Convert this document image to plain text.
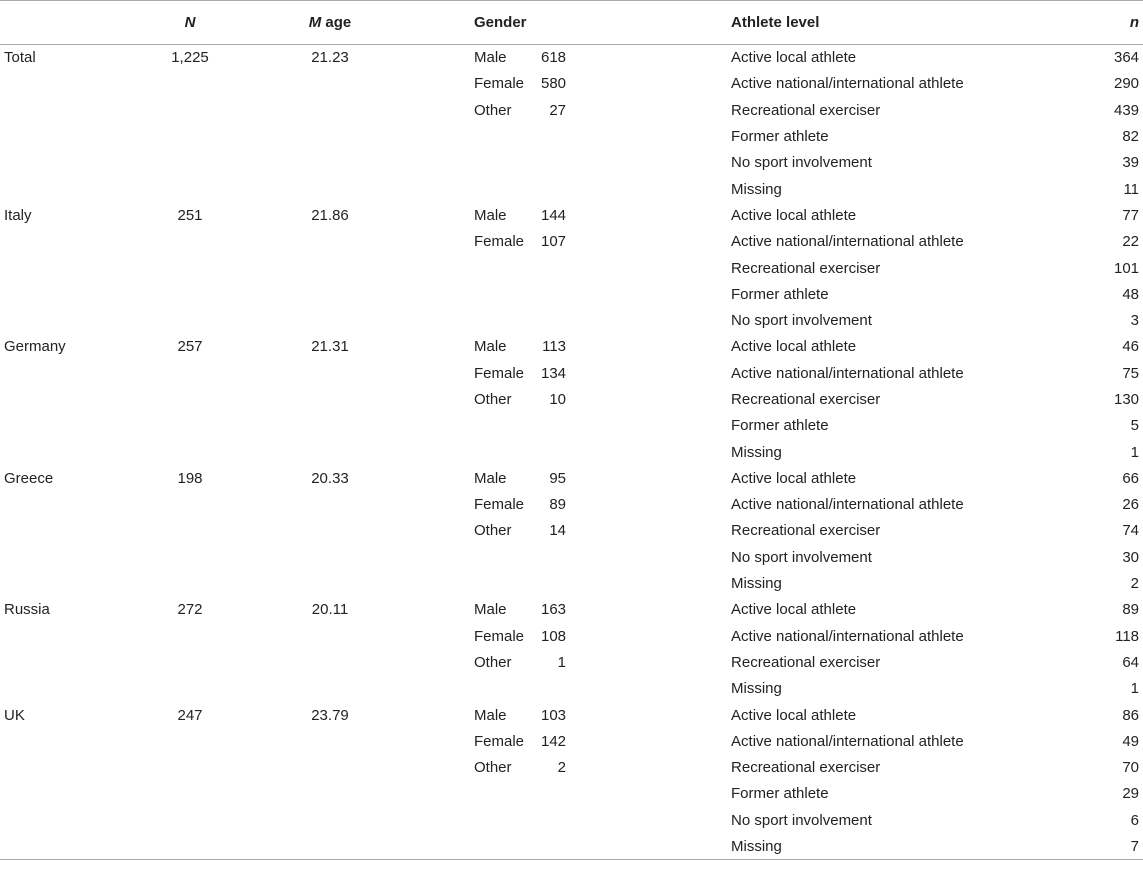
	N	M age	Gender			Athlete level	n
Total	1,225	21.23	Male	618		Active local athlete	364
			Female	580		Active national/international athlete	290
			Other	27		Recreational exerciser	439
						Former athlete	82
						No sport involvement	39
						Missing	11
Italy	251	21.86	Male	144		Active local athlete	77
			Female	107		Active national/international athlete	22
						Recreational exerciser	101
						Former athlete	48
						No sport involvement	3
Germany	257	21.31	Male	113		Active local athlete	46
			Female	134		Active national/international athlete	75
			Other	10		Recreational exerciser	130
						Former athlete	5
						Missing	1
Greece	198	20.33	Male	95		Active local athlete	66
			Female	89		Active national/international athlete	26
			Other	14		Recreational exerciser	74
						No sport involvement	30
						Missing	2
Russia	272	20.11	Male	163		Active local athlete	89
			Female	108		Active national/international athlete	118
			Other	1		Recreational exerciser	64
						Missing	1
UK	247	23.79	Male	103		Active local athlete	86
			Female	142		Active national/international athlete	49
			Other	2		Recreational exerciser	70
						Former athlete	29
						No sport involvement	6
						Missing	7
